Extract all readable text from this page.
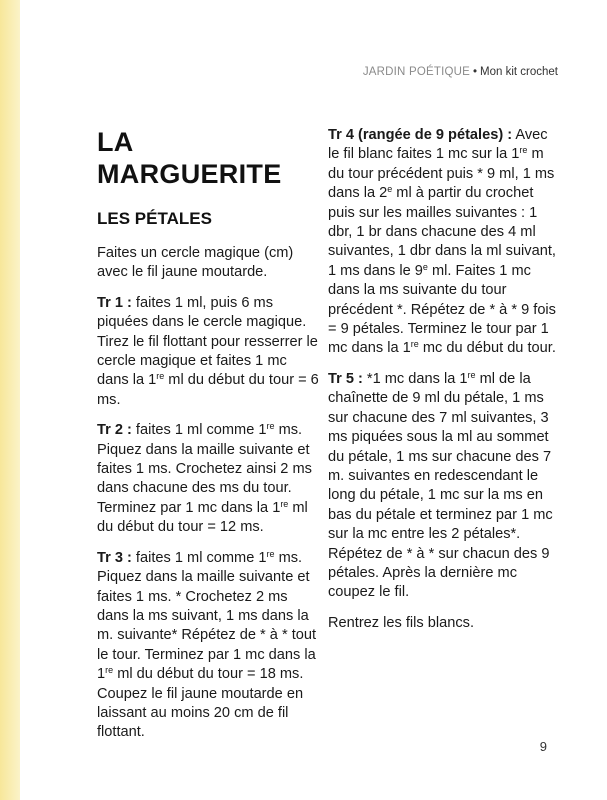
JARDIN POÉTIQUE • Mon kit crochet
LA MARGUERITE
LES PÉTALES

Faites un cercle magique (cm) avec le fil jaune moutarde.

Tr 1 : faites 1 ml, puis 6 ms piquées dans le cercle magique. Tirez le fil flottant pour resserrer le cercle magique et faites 1 mc dans la 1re ml du début du tour = 6 ms.

Tr 2 : faites 1 ml comme 1re ms. Piquez dans la maille suivante et faites 1 ms. Crochetez ainsi 2 ms dans chacune des ms du tour. Terminez par 1 mc dans la 1re ml du début du tour = 12 ms.

Tr 3 : faites 1 ml comme 1re ms. Piquez dans la maille suivante et faites 1 ms. * Crochetez 2 ms dans la ms suivant, 1 ms dans la m. suivante* Répétez de * à * tout le tour. Terminez par 1 mc dans la 1re ml du début du tour = 18 ms. Coupez le fil jaune moutarde en laissant au moins 20 cm de fil flottant.

Tr 4 (rangée de 9 pétales) : Avec le fil blanc faites 1 mc sur la 1re m du tour précédent puis * 9 ml, 1 ms dans la 2e ml à partir du crochet puis sur les mailles suivantes : 1 dbr, 1 br dans chacune des 4 ml suivantes, 1 dbr dans la ml suivant, 1 ms dans le 9e ml. Faites 1 mc dans la ms suivante du tour précédent *. Répétez de * à * 9 fois = 9 pétales. Terminez le tour par 1 mc dans la 1re mc du début du tour.

Tr 5 : *1 mc dans la 1re ml de la chaînette de 9 ml du pétale, 1 ms sur chacune des 7 ml suivantes, 3 ms piquées sous la ml au sommet du pétale, 1 ms sur chacune des 7 m. suivantes en redescendant le long du pétale, 1 mc sur la ms en bas du pétale et terminez par 1 mc sur la mc entre les 2 pétales*. Répétez de * à * sur chacun des 9 pétales. Après la dernière mc coupez le fil.

Rentrez les fils blancs.

9
